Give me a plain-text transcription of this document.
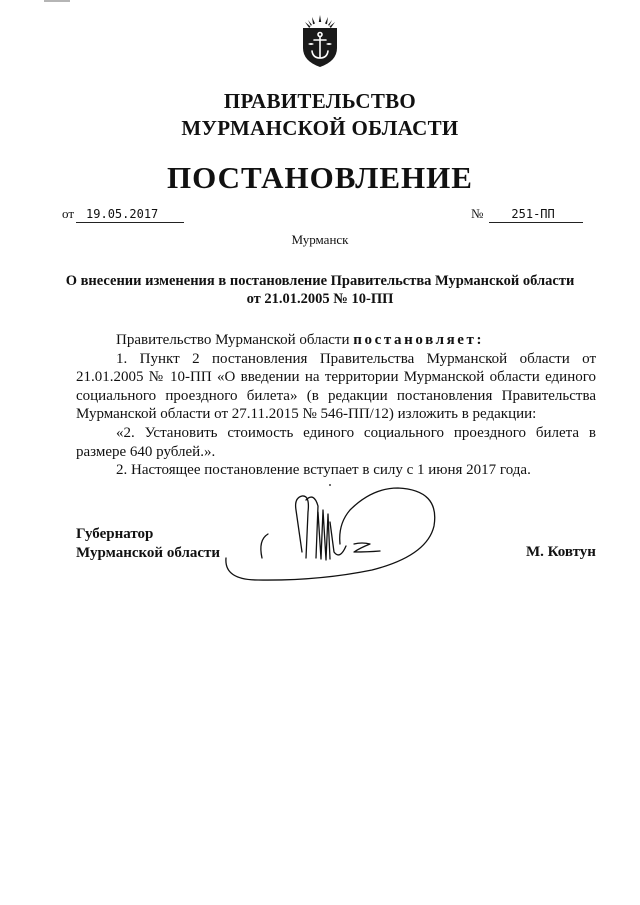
ПРАВИТЕЛЬСТВО
МУРМАНСКОЙ ОБЛАСТИ
ПОСТАНОВЛЕНИЕ
от 19.05.2017	№ 251-ПП
Мурманск
О внесении изменения в постановление Правительства Мурманской области от 21.01.2005 № 10-ПП

Правительство Мурманской области постановляет:

1. Пункт 2 постановления Правительства Мурманской области от 21.01.2005 № 10-ПП «О введении на территории Мурманской области единого социального проездного билета» (в редакции постановления Правительства Мурманской области от 27.11.2015 № 546-ПП/12) изложить в редакции:

«2. Установить стоимость единого социального проездного билета в размере 640 рублей.».

2. Настоящее постановление вступает в силу с 1 июня 2017 года.

Губернатор
Мурманской области	М. Ковтун
